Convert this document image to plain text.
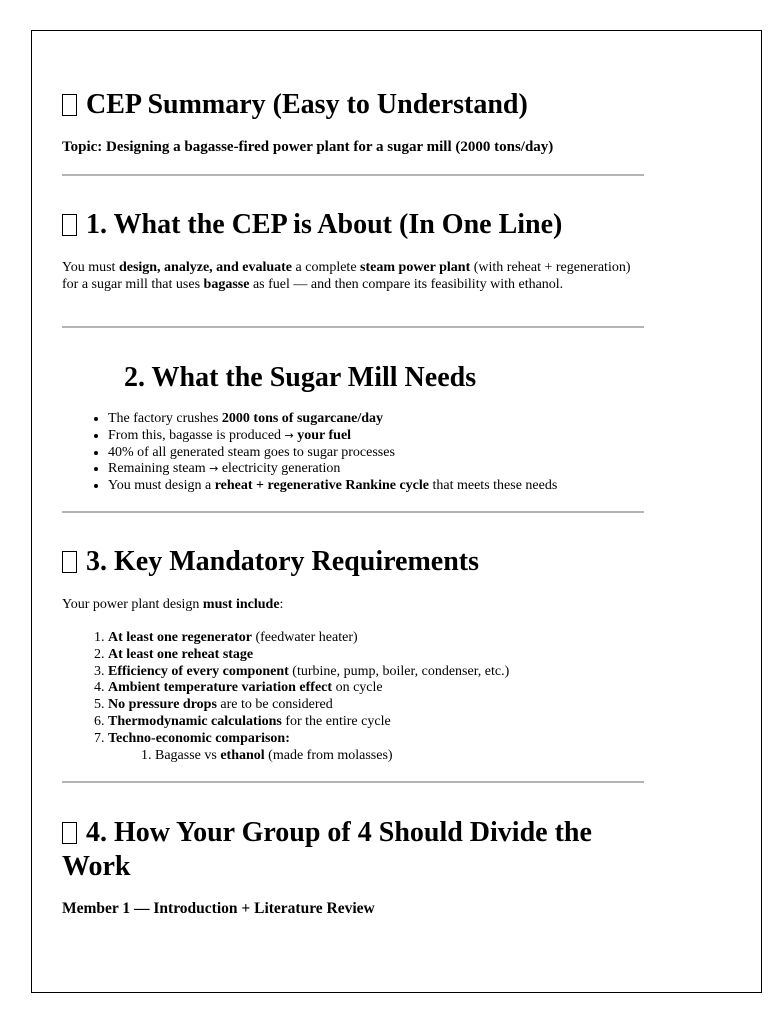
CEP Summary (Easy to Understand)

Topic: Designing a bagasse-fired power plant for a sugar mill (2000 tons/day)

1. What the CEP is About (In One Line)

You must design, analyze, and evaluate a complete steam power plant (with reheat + regeneration) for a sugar mill that uses bagasse as fuel — and then compare its feasibility with ethanol.

2. What the Sugar Mill Needs
• The factory crushes 2000 tons of sugarcane/day
• From this, bagasse is produced → your fuel
• 40% of all generated steam goes to sugar processes
• Remaining steam → electricity generation
• You must design a reheat + regenerative Rankine cycle that meets these needs
3. Key Mandatory Requirements

Your power plant design must include:

1. At least one regenerator (feedwater heater)
2. At least one reheat stage
3. Efficiency of every component (turbine, pump, boiler, condenser, etc.)
4. Ambient temperature variation effect on cycle
5. No pressure drops are to be considered
6. Thermodynamic calculations for the entire cycle
7. Techno-economic comparison:
1. Bagasse vs ethanol (made from molasses)
4. How Your Group of 4 Should Divide the Work

Member 1 — Introduction + Literature Review
